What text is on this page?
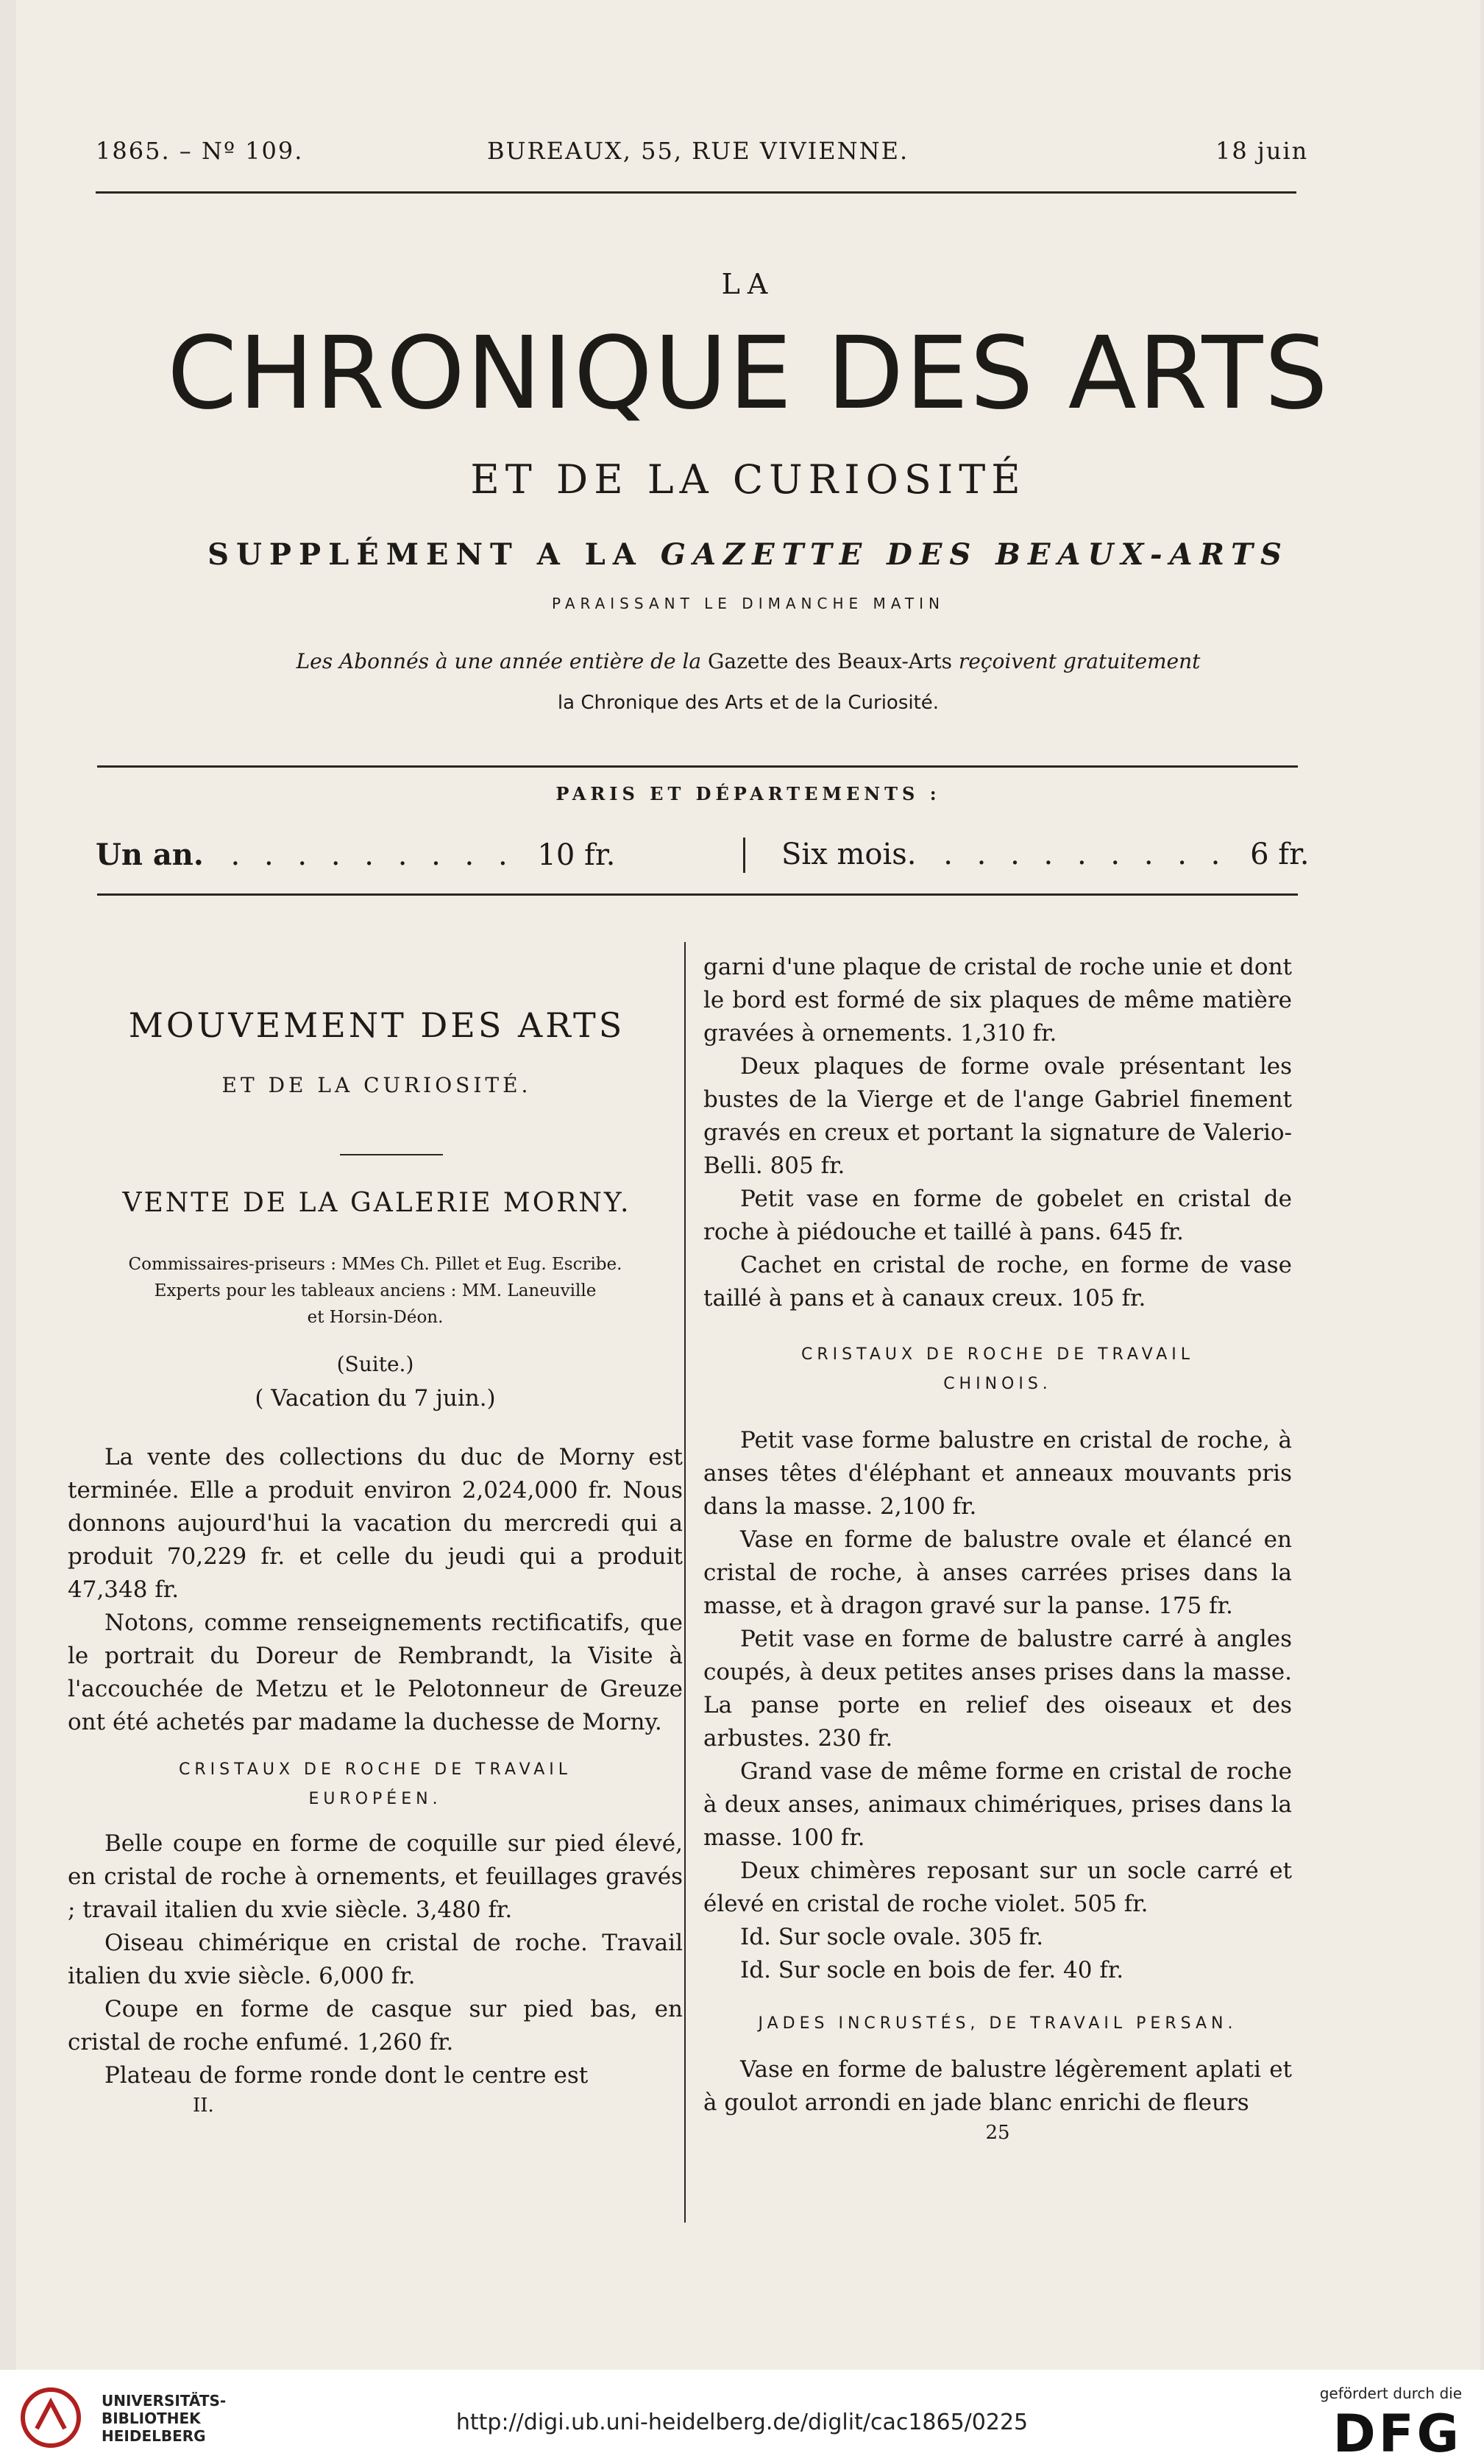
1865. – Nº 109.	BUREAUX, 55, RUE VIVIENNE.	18 juin
LA
CHRONIQUE DES ARTS
ET DE LA CURIOSITÉ
SUPPLÉMENT A LA GAZETTE DES BEAUX-ARTS
PARAISSANT LE DIMANCHE MATIN
Les Abonnés à une année entière de la Gazette des Beaux-Arts reçoivent gratuitement
la Chronique des Arts et de la Curiosité.
PARIS ET DÉPARTEMENTS :
Un an. . . . . . . . . . 10 fr.	Six mois. . . . . . . . . . 6 fr.
MOUVEMENT DES ARTS
ET DE LA CURIOSITÉ.
VENTE DE LA GALERIE MORNY.

Commissaires-priseurs : MMes Ch. Pillet et Eug. Escribe.

Experts pour les tableaux anciens : MM. Laneuville

et Horsin-Déon.

(Suite.)

( Vacation du 7 juin.)

La vente des collections du duc de Morny est terminée. Elle a produit environ 2,024,000 fr. Nous donnons aujourd'hui la vacation du mercredi qui a produit 70,229 fr. et celle du jeudi qui a produit 47,348 fr.

Notons, comme renseignements rectificatifs, que le portrait du Doreur de Rembrandt, la Visite à l'accouchée de Metzu et le Pelotonneur de Greuze ont été achetés par madame la duchesse de Morny.

CRISTAUX DE ROCHE DE TRAVAIL

EUROPÉEN.

Belle coupe en forme de coquille sur pied élevé, en cristal de roche à ornements, et feuillages gravés ; travail italien du xvie siècle. 3,480 fr.

Oiseau chimérique en cristal de roche. Travail italien du xvie siècle. 6,000 fr.

Coupe en forme de casque sur pied bas, en cristal de roche enfumé. 1,260 fr.

Plateau de forme ronde dont le centre est

II.

garni d'une plaque de cristal de roche unie et dont le bord est formé de six plaques de même matière gravées à ornements. 1,310 fr.

Deux plaques de forme ovale présentant les bustes de la Vierge et de l'ange Gabriel finement gravés en creux et portant la signature de Valerio-Belli. 805 fr.

Petit vase en forme de gobelet en cristal de roche à piédouche et taillé à pans. 645 fr.

Cachet en cristal de roche, en forme de vase taillé à pans et à canaux creux. 105 fr.

CRISTAUX DE ROCHE DE TRAVAIL

CHINOIS.

Petit vase forme balustre en cristal de roche, à anses têtes d'éléphant et anneaux mouvants pris dans la masse. 2,100 fr.

Vase en forme de balustre ovale et élancé en cristal de roche, à anses carrées prises dans la masse, et à dragon gravé sur la panse. 175 fr.

Petit vase en forme de balustre carré à angles coupés, à deux petites anses prises dans la masse. La panse porte en relief des oiseaux et des arbustes. 230 fr.

Grand vase de même forme en cristal de roche à deux anses, animaux chimériques, prises dans la masse. 100 fr.

Deux chimères reposant sur un socle carré et élevé en cristal de roche violet. 505 fr.

Id. Sur socle ovale. 305 fr.

Id. Sur socle en bois de fer. 40 fr.

JADES INCRUSTÉS, DE TRAVAIL PERSAN.

Vase en forme de balustre légèrement aplati et à goulot arrondi en jade blanc enrichi de fleurs

25

UNIVERSITÄTS-
BIBLIOTHEK
HEIDELBERG
http://digi.ub.uni-heidelberg.de/diglit/cac1865/0225
gefördert durch die
DFG
